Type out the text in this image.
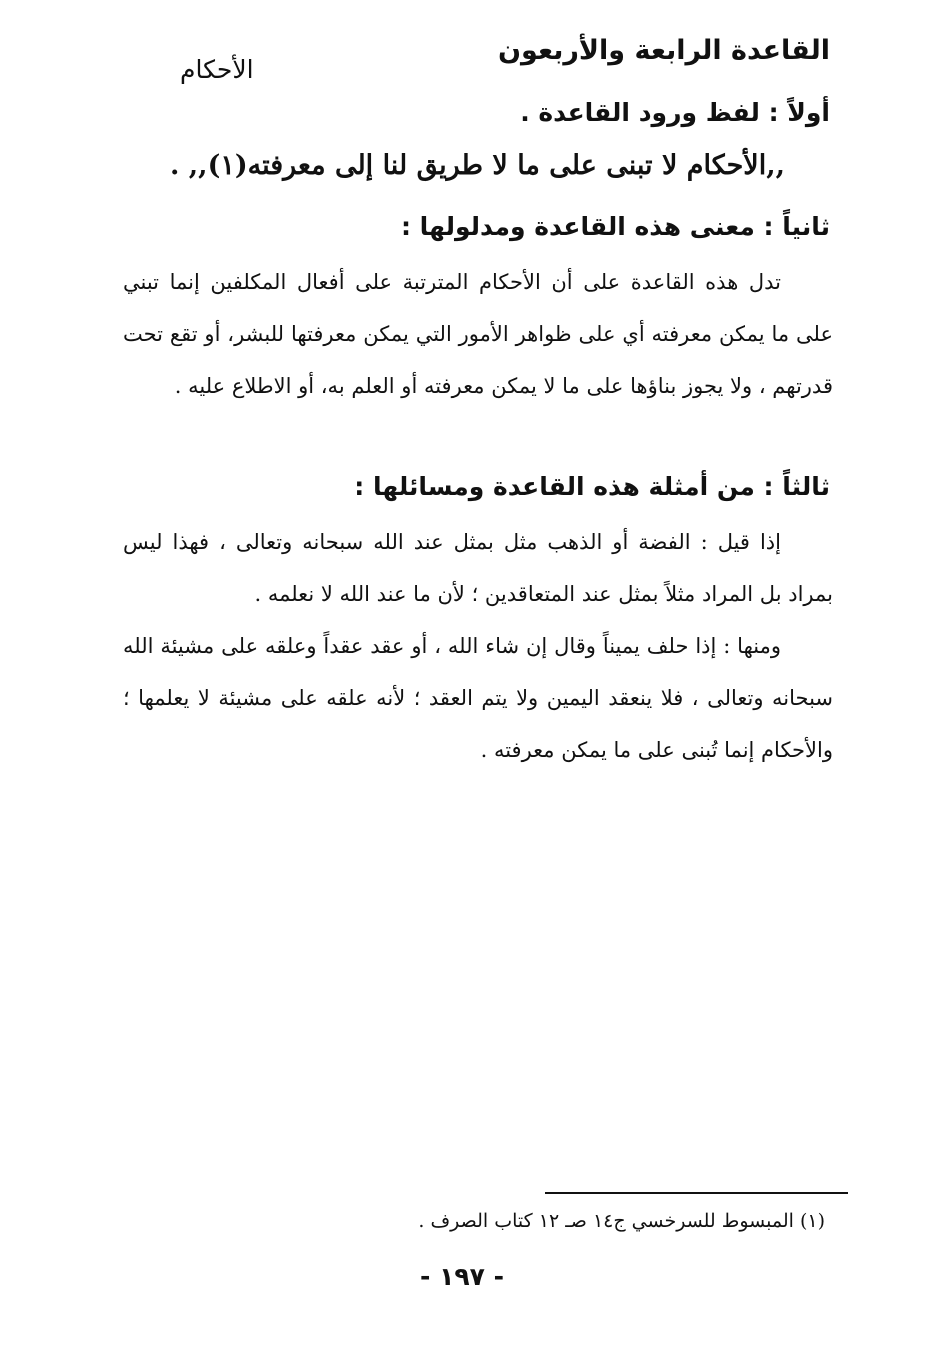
القاعدة الرابعة والأربعون
الأحكام
أولاً : لفظ ورود القاعدة .
,,الأحكام لا تبنى على ما لا طريق لنا إلى معرفته(١),, .
ثانياً : معنى هذه القاعدة ومدلولها :

تدل هذه القاعدة على أن الأحكام المترتبة على أفعال المكلفين إنما تبني على ما يمكن معرفته أي على ظواهر الأمور التي يمكن معرفتها للبشر، أو تقع تحت قدرتهم ، ولا يجوز بناؤها على ما لا يمكن معرفته أو العلم به، أو الاطلاع عليه .

ثالثاً : من أمثلة هذه القاعدة ومسائلها :

إذا قيل : الفضة أو الذهب مثل بمثل عند الله سبحانه وتعالى ، فهذا ليس بمراد بل المراد مثلاً بمثل عند المتعاقدين ؛ لأن ما عند الله لا نعلمه .

ومنها : إذا حلف يميناً وقال إن شاء الله ، أو عقد عقداً وعلقه على مشيئة الله سبحانه وتعالى ، فلا ينعقد اليمين ولا يتم العقد ؛ لأنه علقه على مشيئة لا يعلمها ؛ والأحكام إنما تُبنى على ما يمكن معرفته .

(١) المبسوط للسرخسي ج١٤ صـ ١٢ كتاب الصرف .
- ١٩٧ -
